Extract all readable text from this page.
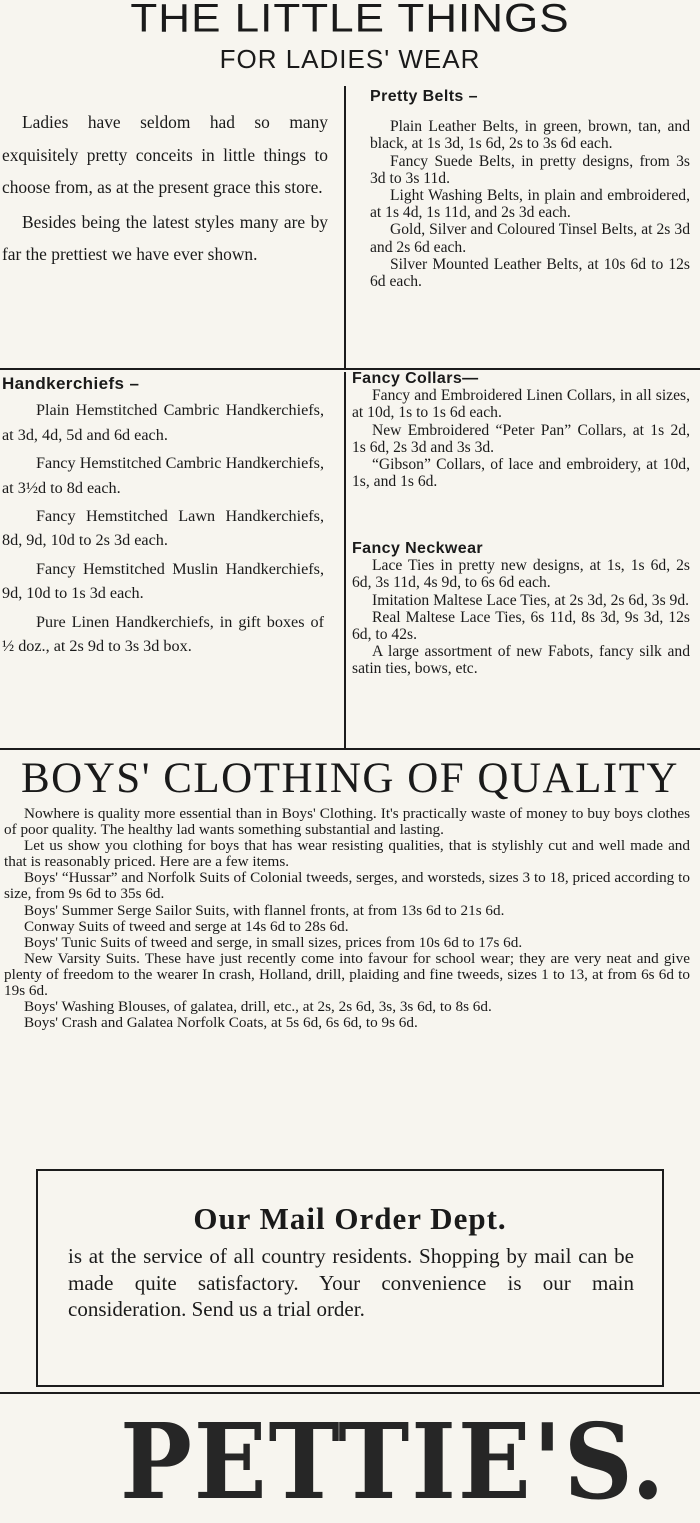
THE LITTLE THINGS
FOR LADIES' WEAR

Ladies have seldom had so many exquisitely pretty conceits in little things to choose from, as at the present grace this store.

Besides being the latest styles many are by far the prettiest we have ever shown.

Pretty Belts –
Plain Leather Belts, in green, brown, tan, and black, at 1s 3d, 1s 6d, 2s to 3s 6d each.
Fancy Suede Belts, in pretty designs, from 3s 3d to 3s 11d.
Light Washing Belts, in plain and embroidered, at 1s 4d, 1s 11d, and 2s 3d each.
Gold, Silver and Coloured Tinsel Belts, at 2s 3d and 2s 6d each.
Silver Mounted Leather Belts, at 10s 6d to 12s 6d each.
Handkerchiefs –
Plain Hemstitched Cambric Handkerchiefs, at 3d, 4d, 5d and 6d each.
Fancy Hemstitched Cambric Handkerchiefs, at 3½d to 8d each.
Fancy Hemstitched Lawn Handkerchiefs, 8d, 9d, 10d to 2s 3d each.
Fancy Hemstitched Muslin Handkerchiefs, 9d, 10d to 1s 3d each.
Pure Linen Handkerchiefs, in gift boxes of ½ doz., at 2s 9d to 3s 3d box.
Fancy Collars—
Fancy and Embroidered Linen Collars, in all sizes, at 10d, 1s to 1s 6d each.
New Embroidered “Peter Pan” Collars, at 1s 2d, 1s 6d, 2s 3d and 3s 3d.
“Gibson” Collars, of lace and embroidery, at 10d, 1s, and 1s 6d.
Fancy Neckwear
Lace Ties in pretty new designs, at 1s, 1s 6d, 2s 6d, 3s 11d, 4s 9d, to 6s 6d each.
Imitation Maltese Lace Ties, at 2s 3d, 2s 6d, 3s 9d.
Real Maltese Lace Ties, 6s 11d, 8s 3d, 9s 3d, 12s 6d, to 42s.
A large assortment of new Fabots, fancy silk and satin ties, bows, etc.
BOYS' CLOTHING OF QUALITY

Nowhere is quality more essential than in Boys' Clothing. It's practically waste of money to buy boys clothes of poor quality. The healthy lad wants something substantial and lasting.

Let us show you clothing for boys that has wear resisting qualities, that is stylishly cut and well made and that is reasonably priced. Here are a few items.

Boys' “Hussar” and Norfolk Suits of Colonial tweeds, serges, and worsteds, sizes 3 to 18, priced according to size, from 9s 6d to 35s 6d.

Boys' Summer Serge Sailor Suits, with flannel fronts, at from 13s 6d to 21s 6d.

Conway Suits of tweed and serge at 14s 6d to 28s 6d.

Boys' Tunic Suits of tweed and serge, in small sizes, prices from 10s 6d to 17s 6d.

New Varsity Suits. These have just recently come into favour for school wear; they are very neat and give plenty of freedom to the wearer In crash, Holland, drill, plaiding and fine tweeds, sizes 1 to 13, at from 6s 6d to 19s 6d.

Boys' Washing Blouses, of galatea, drill, etc., at 2s, 2s 6d, 3s, 3s 6d, to 8s 6d.

Boys' Crash and Galatea Norfolk Coats, at 5s 6d, 6s 6d, to 9s 6d.

Our Mail Order Dept.
is at the service of all country residents. Shopping by mail can be made quite satisfactory. Your convenience is our main consideration. Send us a trial order.
PETTIE'S.
